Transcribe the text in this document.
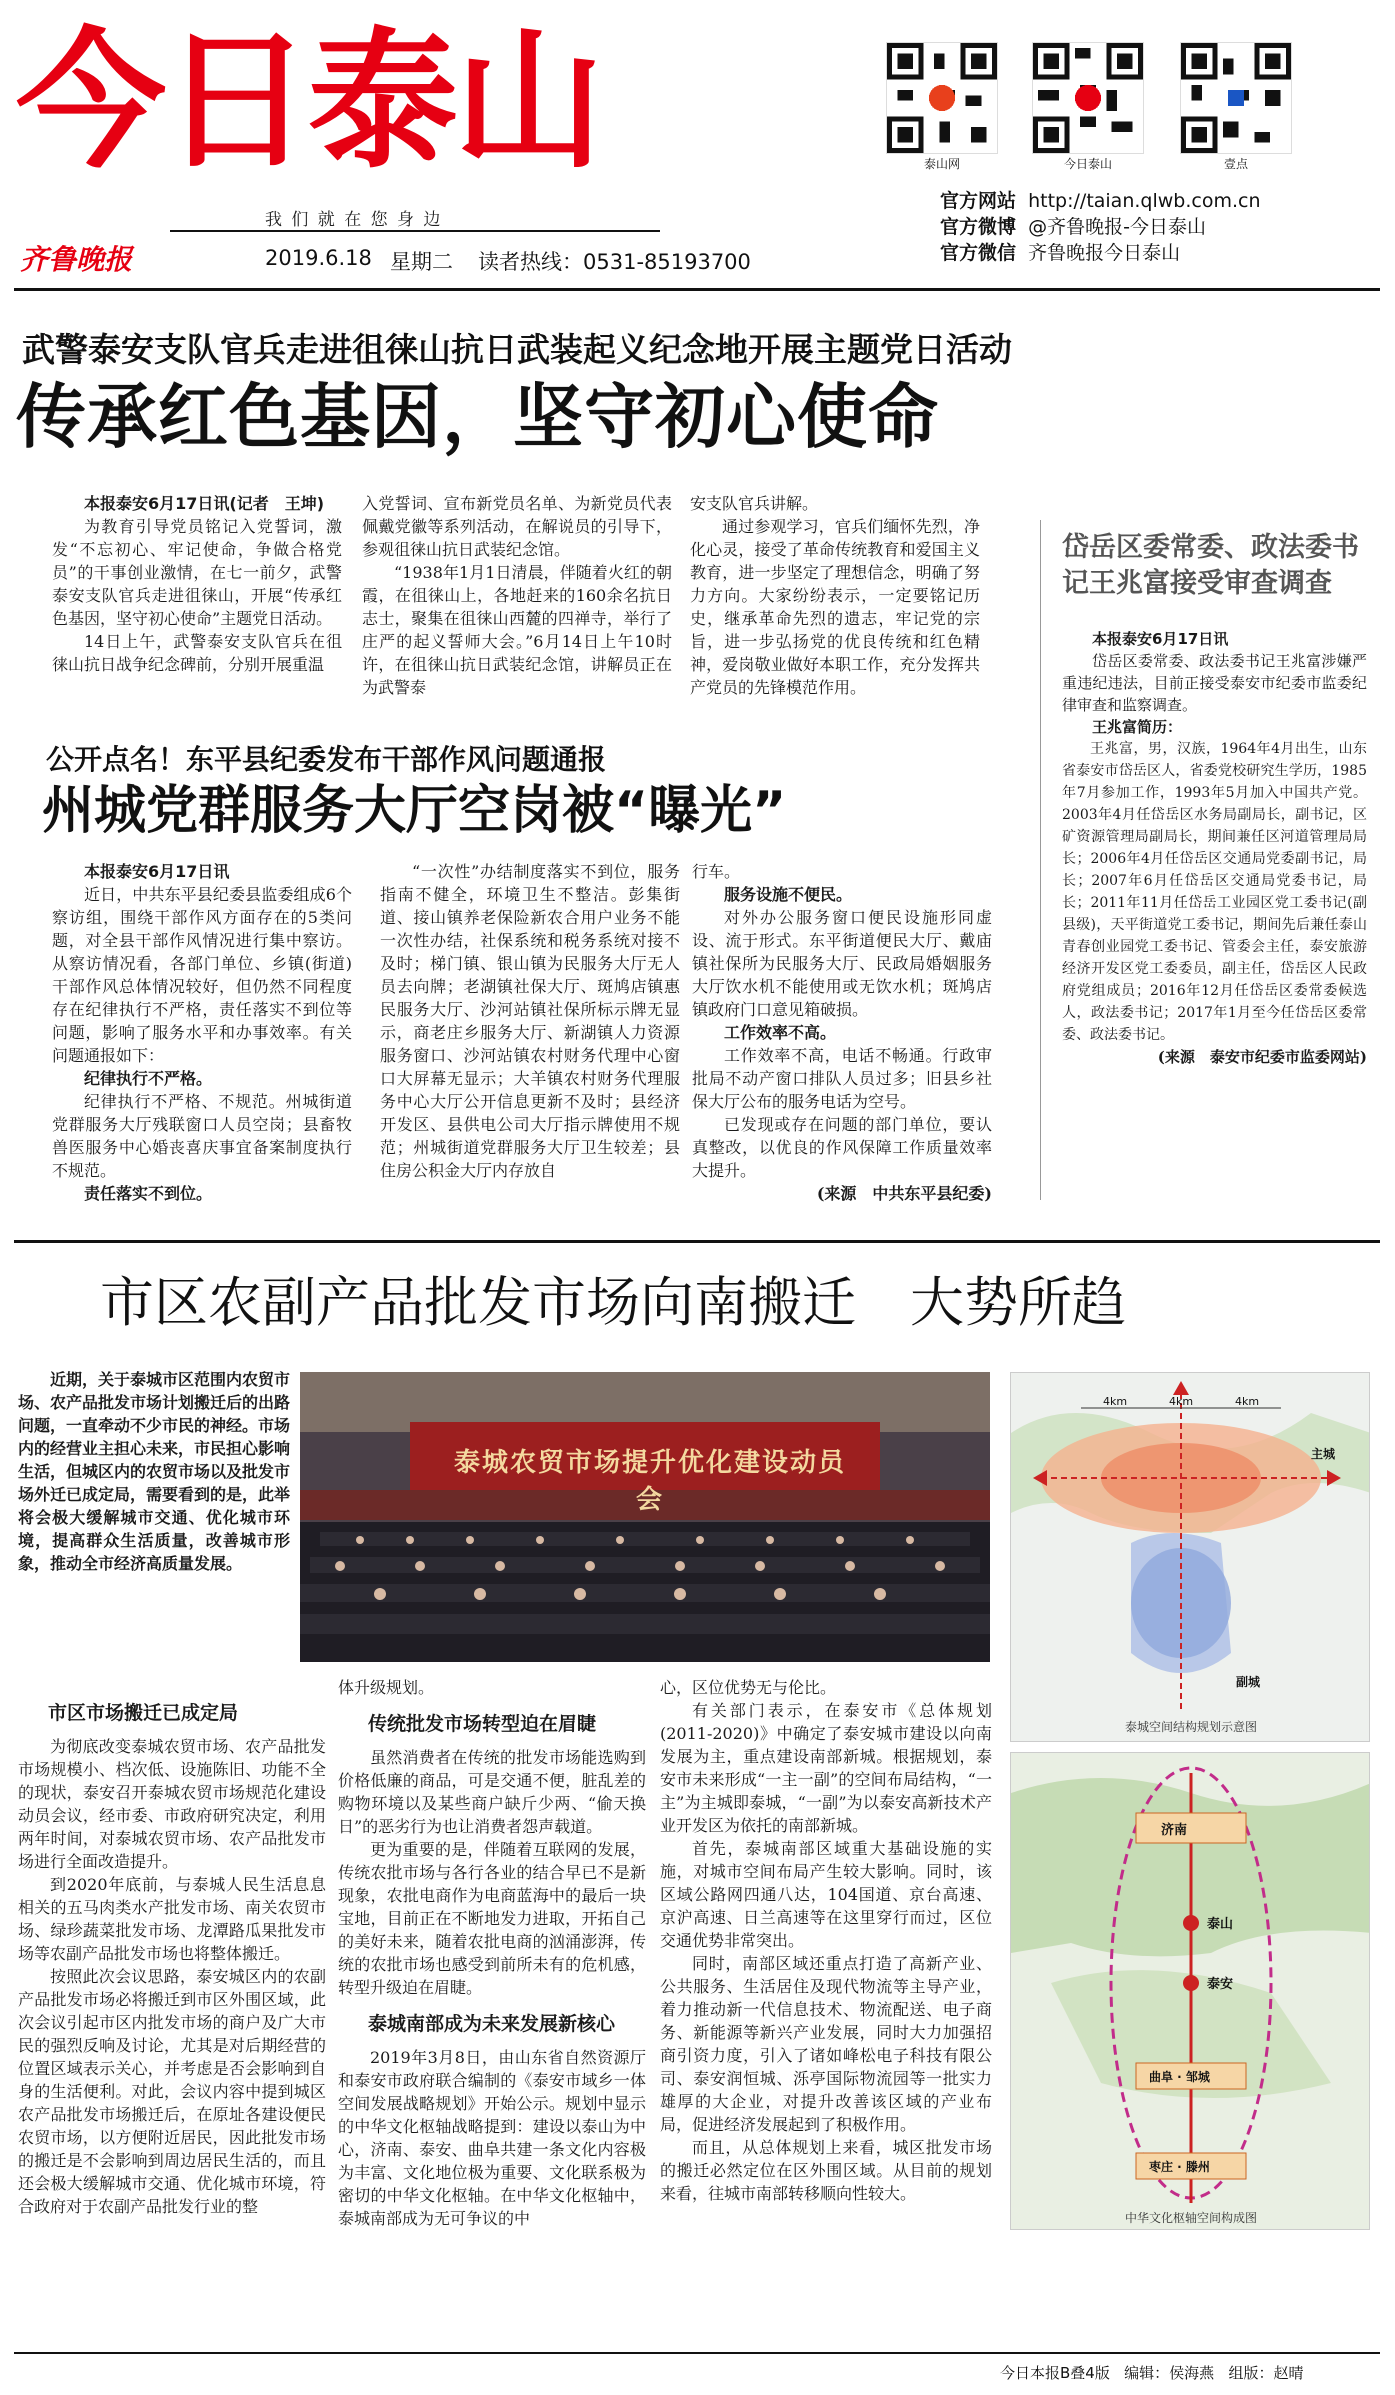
今日泰山
我 们 就 在 您 身 边
齐鲁晚报	2019.6.18 星期二 读者热线：0531-85193700
泰山网	今日泰山	壹点
官方网站 http://taian.qlwb.com.cn
官方微博 @齐鲁晚报-今日泰山
官方微信 齐鲁晚报今日泰山
武警泰安支队官兵走进徂徕山抗日武装起义纪念地开展主题党日活动
传承红色基因，坚守初心使命

本报泰安6月17日讯(记者　王坤)

为教育引导党员铭记入党誓词，激发“不忘初心、牢记使命，争做合格党员”的干事创业激情，在七一前夕，武警泰安支队官兵走进徂徕山，开展“传承红色基因，坚守初心使命”主题党日活动。

14日上午，武警泰安支队官兵在徂徕山抗日战争纪念碑前，分别开展重温

入党誓词、宣布新党员名单、为新党员代表佩戴党徽等系列活动，在解说员的引导下，参观徂徕山抗日武装纪念馆。

“1938年1月1日清晨，伴随着火红的朝霞，在徂徕山上，各地赶来的160余名抗日志士，聚集在徂徕山西麓的四禅寺，举行了庄严的起义誓师大会。”6月14日上午10时许，在徂徕山抗日武装纪念馆，讲解员正在为武警泰

安支队官兵讲解。

通过参观学习，官兵们缅怀先烈，净化心灵，接受了革命传统教育和爱国主义教育，进一步坚定了理想信念，明确了努力方向。大家纷纷表示，一定要铭记历史，继承革命先烈的遗志，牢记党的宗旨，进一步弘扬党的优良传统和红色精神，爱岗敬业做好本职工作，充分发挥共产党员的先锋模范作用。

岱岳区委常委、政法委书记王兆富接受审查调查

本报泰安6月17日讯

岱岳区委常委、政法委书记王兆富涉嫌严重违纪违法，目前正接受泰安市纪委市监委纪律审查和监察调查。

王兆富简历：

王兆富，男，汉族，1964年4月出生，山东省泰安市岱岳区人，省委党校研究生学历，1985年7月参加工作，1993年5月加入中国共产党。2003年4月任岱岳区水务局副局长，副书记，区矿资源管理局副局长，期间兼任区河道管理局局长；2006年4月任岱岳区交通局党委副书记，局长；2007年6月任岱岳区交通局党委书记，局长；2011年11月任岱岳工业园区党工委书记(副县级)，天平街道党工委书记，期间先后兼任泰山青春创业园党工委书记、管委会主任，泰安旅游经济开发区党工委委员，副主任，岱岳区人民政府党组成员；2016年12月任岱岳区委常委候选人，政法委书记；2017年1月至今任岱岳区委常委、政法委书记。

(来源　泰安市纪委市监委网站)

公开点名！东平县纪委发布干部作风问题通报
州城党群服务大厅空岗被“曝光”

本报泰安6月17日讯

近日，中共东平县纪委县监委组成6个察访组，围绕干部作风方面存在的5类问题，对全县干部作风情况进行集中察访。从察访情况看，各部门单位、乡镇(街道)干部作风总体情况较好，但仍然不同程度存在纪律执行不严格，责任落实不到位等问题，影响了服务水平和办事效率。有关问题通报如下：

纪律执行不严格。

纪律执行不严格、不规范。州城街道党群服务大厅残联窗口人员空岗；县畜牧兽医服务中心婚丧喜庆事宜备案制度执行不规范。

责任落实不到位。

“一次性”办结制度落实不到位，服务指南不健全，环境卫生不整洁。彭集街道、接山镇养老保险新农合用户业务不能一次性办结，社保系统和税务系统对接不及时；梯门镇、银山镇为民服务大厅无人员去向牌；老湖镇社保大厅、斑鸠店镇惠民服务大厅、沙河站镇社保所标示牌无显示，商老庄乡服务大厅、新湖镇人力资源服务窗口、沙河站镇农村财务代理中心窗口大屏幕无显示；大羊镇农村财务代理服务中心大厅公开信息更新不及时；县经济开发区、县供电公司大厅指示牌使用不规范；州城街道党群服务大厅卫生较差；县住房公积金大厅内存放自

行车。

服务设施不便民。

对外办公服务窗口便民设施形同虚设、流于形式。东平街道便民大厅、戴庙镇社保所为民服务大厅、民政局婚姻服务大厅饮水机不能使用或无饮水机；斑鸠店镇政府门口意见箱破损。

工作效率不高。

工作效率不高，电话不畅通。行政审批局不动产窗口排队人员过多；旧县乡社保大厅公布的服务电话为空号。

已发现或存在问题的部门单位，要认真整改，以优良的作风保障工作质量效率大提升。

(来源　中共东平县纪委)

市区农副产品批发市场向南搬迁　大势所趋

近期，关于泰城市区范围内农贸市场、农产品批发市场计划搬迁后的出路问题，一直牵动不少市民的神经。市场内的经营业主担心未来，市民担心影响生活，但城区内的农贸市场以及批发市场外迁已成定局，需要看到的是，此举将会极大缓解城市交通、优化城市环境，提高群众生活质量，改善城市形象，推动全市经济高质量发展。

泰城农贸市场提升优化建设动员会
4km	4km	4km
主城
副城
泰城空间结构规划示意图
济南
泰山
泰安
曲阜 · 邹城
枣庄 · 滕州
中华文化枢轴空间构成图

市区市场搬迁已成定局

为彻底改变泰城农贸市场、农产品批发市场规模小、档次低、设施陈旧、功能不全的现状，泰安召开泰城农贸市场规范化建设动员会议，经市委、市政府研究决定，利用两年时间，对泰城农贸市场、农产品批发市场进行全面改造提升。

到2020年底前，与泰城人民生活息息相关的五马肉类水产批发市场、南关农贸市场、绿珍蔬菜批发市场、龙潭路瓜果批发市场等农副产品批发市场也将整体搬迁。

按照此次会议思路，泰安城区内的农副产品批发市场必将搬迁到市区外围区域，此次会议引起市区内批发市场的商户及广大市民的强烈反响及讨论，尤其是对后期经营的位置区域表示关心，并考虑是否会影响到自身的生活便利。对此，会议内容中提到城区农产品批发市场搬迁后，在原址各建设便民农贸市场，以方便附近居民，因此批发市场的搬迁是不会影响到周边居民生活的，而且还会极大缓解城市交通、优化城市环境，符合政府对于农副产品批发行业的整

体升级规划。

传统批发市场转型迫在眉睫

虽然消费者在传统的批发市场能选购到价格低廉的商品，可是交通不便，脏乱差的购物环境以及某些商户缺斤少两、“偷天换日”的恶劣行为也让消费者怨声载道。

更为重要的是，伴随着互联网的发展，传统农批市场与各行各业的结合早已不是新现象，农批电商作为电商蓝海中的最后一块宝地，目前正在不断地发力进取，开拓自己的美好未来，随着农批电商的汹涌澎湃，传统的农批市场也感受到前所未有的危机感，转型升级迫在眉睫。

泰城南部成为未来发展新核心

2019年3月8日，由山东省自然资源厅和泰安市政府联合编制的《泰安市域乡一体空间发展战略规划》开始公示。规划中显示的中华文化枢轴战略提到：建设以泰山为中心，济南、泰安、曲阜共建一条文化内容极为丰富、文化地位极为重要、文化联系极为密切的中华文化枢轴。在中华文化枢轴中，泰城南部成为无可争议的中

心，区位优势无与伦比。

有关部门表示，在泰安市《总体规划(2011-2020)》中确定了泰安城市建设以向南发展为主，重点建设南部新城。根据规划，泰安市未来形成“一主一副”的空间布局结构，“一主”为主城即泰城，“一副”为以泰安高新技术产业开发区为依托的南部新城。

首先，泰城南部区域重大基础设施的实施，对城市空间布局产生较大影响。同时，该区域公路网四通八达，104国道、京台高速、京沪高速、日兰高速等在这里穿行而过，区位交通优势非常突出。

同时，南部区域还重点打造了高新产业、公共服务、生活居住及现代物流等主导产业，着力推动新一代信息技术、物流配送、电子商务、新能源等新兴产业发展，同时大力加强招商引资力度，引入了诸如峰松电子科技有限公司、泰安润恒城、泺亭国际物流园等一批实力雄厚的大企业，对提升改善该区域的产业布局，促进经济发展起到了积极作用。

而且，从总体规划上来看，城区批发市场的搬迁必然定位在区外围区域。从目前的规划来看，往城市南部转移顺向性较大。

今日本报B叠4版 编辑：侯海燕 组版：赵晴
